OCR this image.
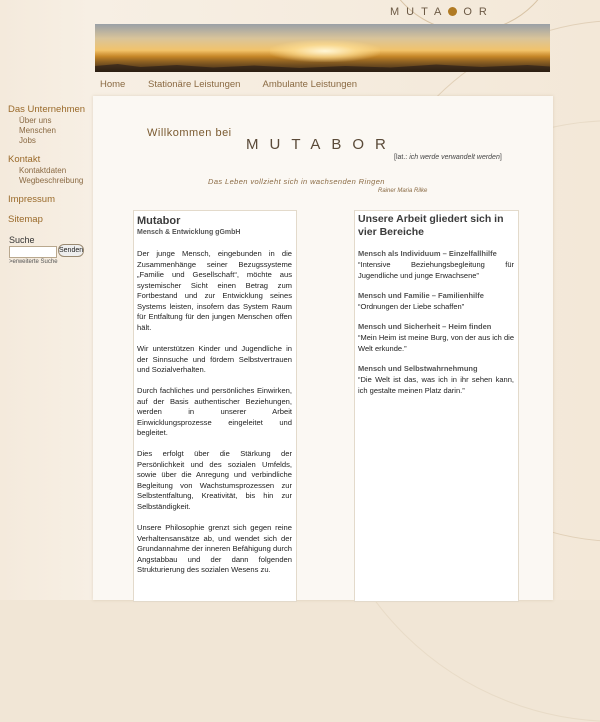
MUTA OR
Home Stationäre Leistungen Ambulante Leistungen
Das Unternehmen
Über uns
Menschen
Jobs
Kontakt
Kontaktdaten
Wegbeschreibung
Impressum
Sitemap
Suche
Senden
>erweiterte Suche
Willkommen bei
MUTABOR
[lat.: ich werde verwandelt werden]
Das Leben vollzieht sich in wachsenden Ringen
Rainer Maria Rilke
Mutabor
Mensch & Entwicklung gGmbH
Der junge Mensch, eingebunden in die Zusammenhänge seiner Bezugssysteme „Familie und Gesellschaft“, möchte aus systemischer Sicht einen Betrag zum Fortbestand und zur Entwicklung seines Systems leisten, insofern das System Raum für Entfaltung für den jungen Menschen offen hält.
Wir unterstützen Kinder und Jugendliche in der Sinnsuche und fördern Selbstvertrauen und Sozialverhalten.
Durch fachliches und persönliches Einwirken, auf der Basis authentischer Beziehungen, werden in unserer Arbeit Einwicklungsprozesse eingeleitet und begleitet.
Dies erfolgt über die Stärkung der Persönlichkeit und des sozialen Umfelds, sowie über die Anregung und verbindliche Begleitung von Wachstumsprozessen zur Selbstentfaltung, Kreativität, bis hin zur Selbständigkeit.
Unsere Philosophie grenzt sich gegen reine Verhaltensansätze ab, und wendet sich der Grundannahme der inneren Befähigung durch Angstabbau und der dann folgenden Strukturierung des sozialen Wesens zu.
Unsere Arbeit gliedert sich in vier Bereiche
Mensch als Individuum – Einzelfallhilfe
“Intensive Beziehungsbegleitung für Jugendliche und junge Erwachsene”
Mensch und Familie – Familienhilfe
“Ordnungen der Liebe schaffen”
Mensch und Sicherheit – Heim finden
“Mein Heim ist meine Burg, von der aus ich die Welt erkunde.”
Mensch und Selbstwahrnehmung
“Die Welt ist das, was ich in ihr sehen kann, ich gestalte meinen Platz darin.”
